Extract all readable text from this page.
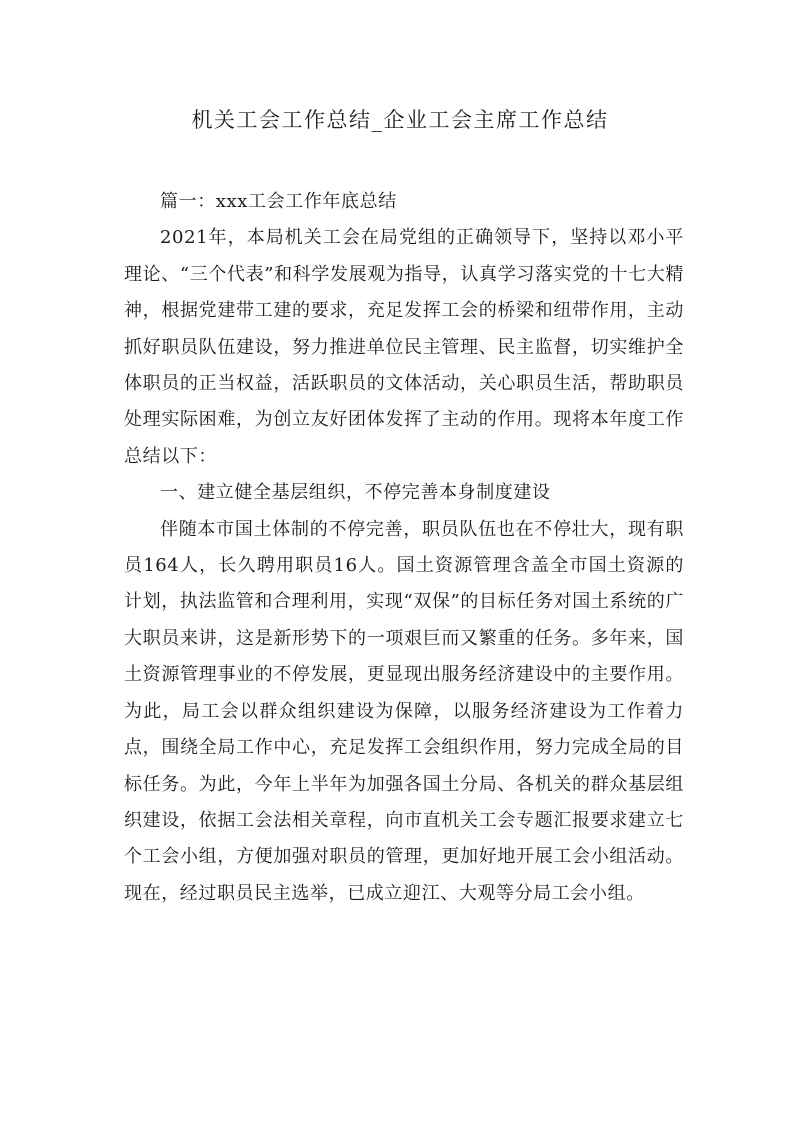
机关工会工作总结_企业工会主席工作总结

篇一：xxx工会工作年底总结

2021年，本局机关工会在局党组的正确领导下，坚持以邓小平理论、“三个代表”和科学发展观为指导，认真学习落实党的十七大精神，根据党建带工建的要求，充足发挥工会的桥梁和纽带作用，主动抓好职员队伍建设，努力推进单位民主管理、民主监督，切实维护全体职员的正当权益，活跃职员的文体活动，关心职员生活，帮助职员处理实际困难，为创立友好团体发挥了主动的作用。现将本年度工作总结以下：

一、建立健全基层组织，不停完善本身制度建设

伴随本市国土体制的不停完善，职员队伍也在不停壮大，现有职员164人，长久聘用职员16人。国土资源管理含盖全市国土资源的计划，执法监管和合理利用，实现“双保”的目标任务对国土系统的广大职员来讲，这是新形势下的一项艰巨而又繁重的任务。多年来，国土资源管理事业的不停发展，更显现出服务经济建设中的主要作用。为此，局工会以群众组织建设为保障，以服务经济建设为工作着力点，围绕全局工作中心，充足发挥工会组织作用，努力完成全局的目标任务。为此，今年上半年为加强各国土分局、各机关的群众基层组织建设，依据工会法相关章程，向市直机关工会专题汇报要求建立七个工会小组，方便加强对职员的管理，更加好地开展工会小组活动。现在，经过职员民主选举，已成立迎江、大观等分局工会小组。
